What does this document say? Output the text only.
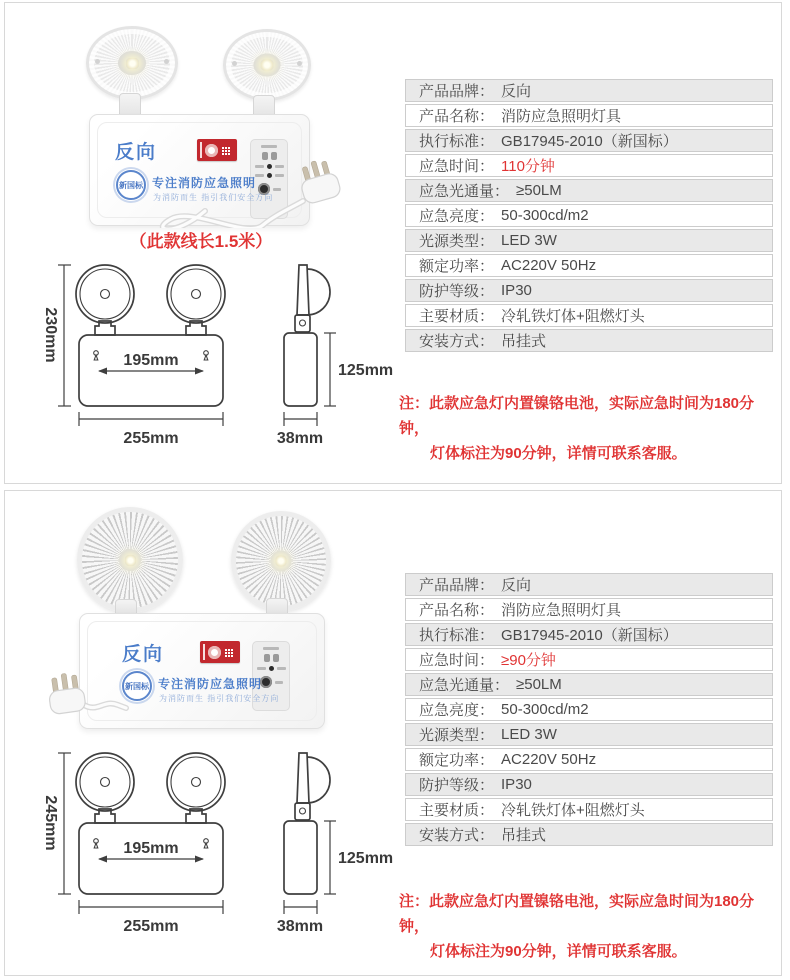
反向
新国标 专注消防应急照明
为消防而生 指引我们安全方向
（此款线长1.5米）
195mm
255mm
230mm
125mm
38mm
产品品牌： 反向
产品名称： 消防应急照明灯具
执行标准： GB17945-2010（新国标）
应急时间： 110分钟
应急光通量： ≥50LM
应急亮度： 50-300cd/m2
光源类型： LED 3W
额定功率： AC220V 50Hz
防护等级： IP30
主要材质： 冷轧铁灯体+阻燃灯头
安装方式： 吊挂式
注：此款应急灯内置镍铬电池，实际应急时间为180分钟，
灯体标注为90分钟，详情可联系客服。
反向
新国标 专注消防应急照明
为消防而生 指引我们安全方向
195mm
255mm
245mm
125mm
38mm
产品品牌： 反向
产品名称： 消防应急照明灯具
执行标准： GB17945-2010（新国标）
应急时间： ≥90分钟
应急光通量： ≥50LM
应急亮度： 50-300cd/m2
光源类型： LED 3W
额定功率： AC220V 50Hz
防护等级： IP30
主要材质： 冷轧铁灯体+阻燃灯头
安装方式： 吊挂式
注：此款应急灯内置镍铬电池，实际应急时间为180分钟，
灯体标注为90分钟，详情可联系客服。
